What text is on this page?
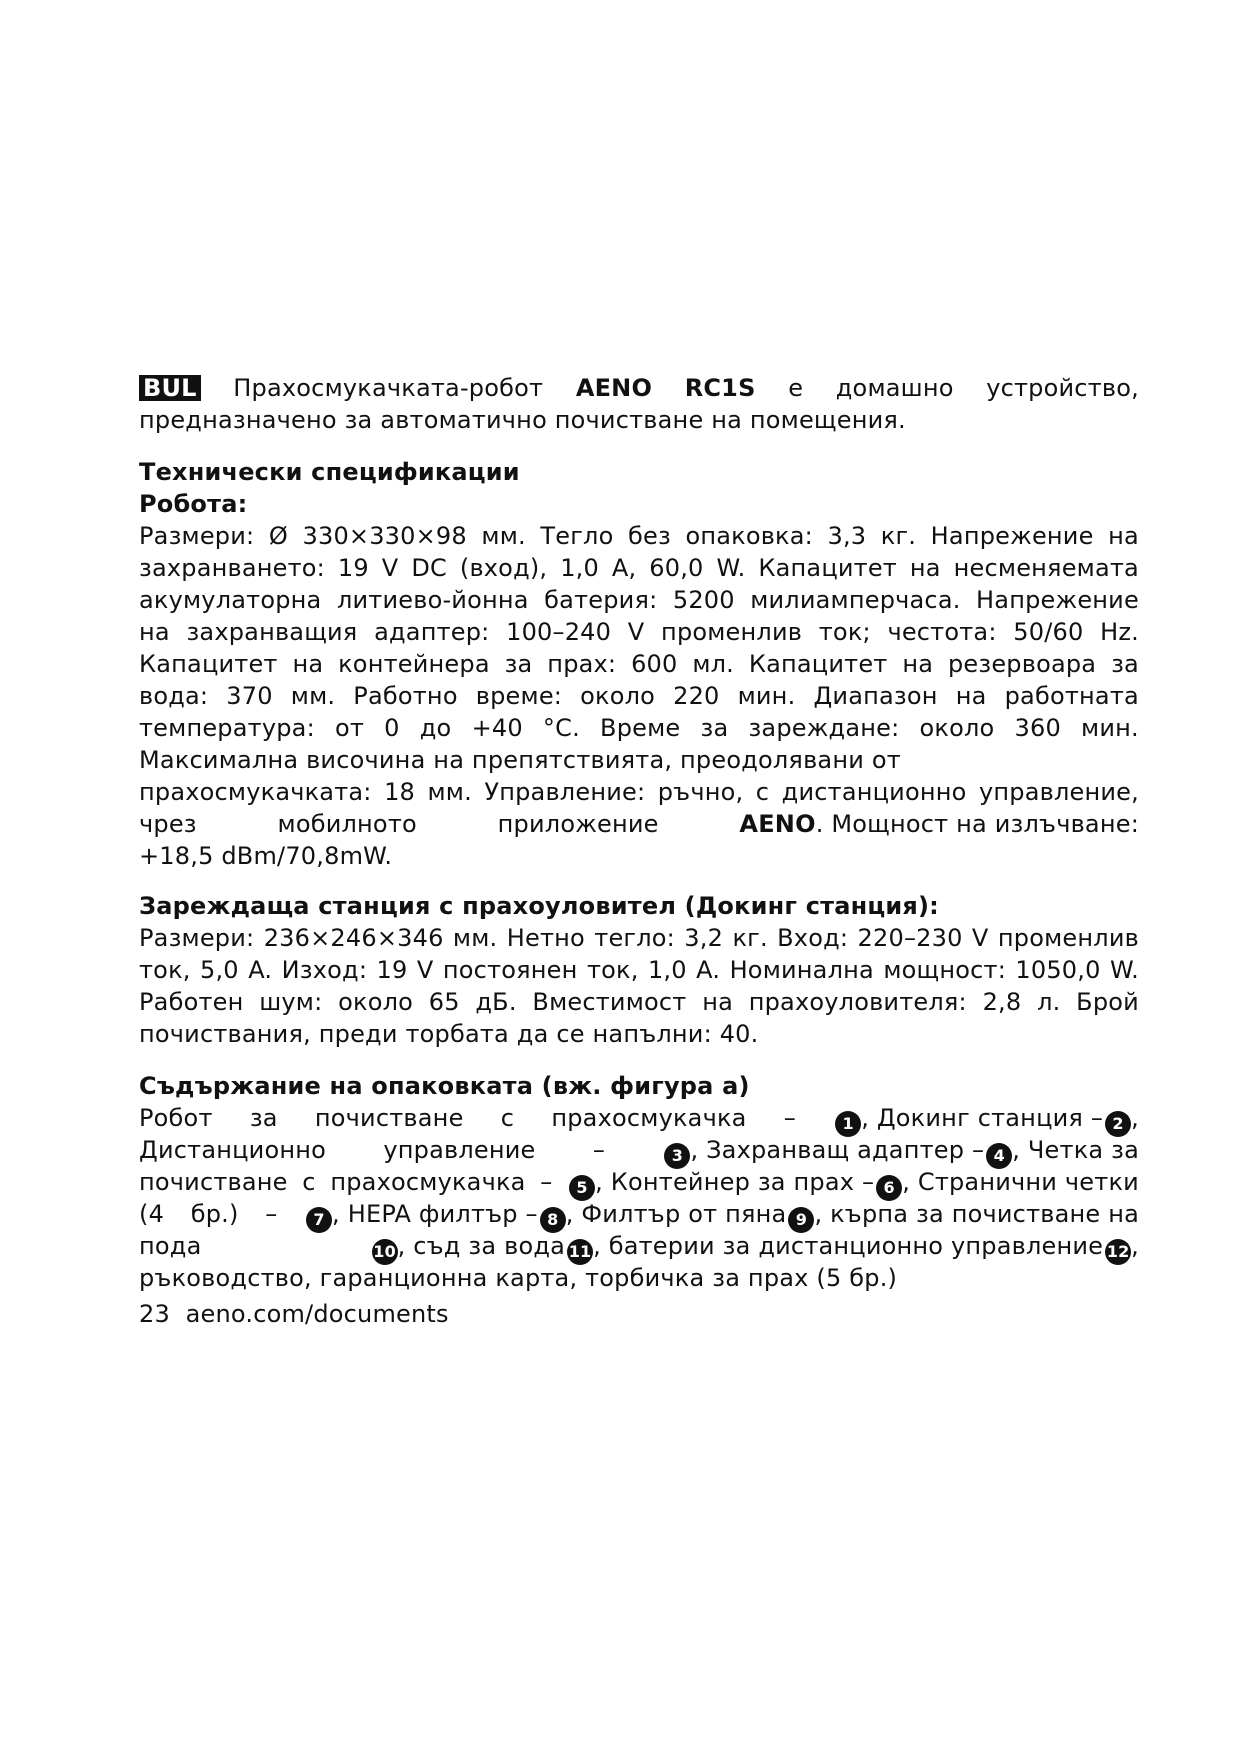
BUL Прахосмукачката-робот AENO RC1S е домашно устройство,
предназначено за автоматично почистване на помещения.
Технически спецификации
Робота:
Размери: Ø 330×330×98 мм. Тегло без опаковка: 3,3 кг. Напрежение на
захранването: 19 V DC (вход), 1,0 A, 60,0 W. Капацитет на несменяемата
акумулаторна литиево-йонна батерия: 5200 милиамперчаса. Напрежение
на захранващия адаптер: 100–240 V променлив ток; честота: 50/60 Hz.
Капацитет на контейнера за прах: 600 мл. Капацитет на резервоара за
вода: 370 мм. Работно време: около 220 мин. Диапазон на работната
температура: от 0 до +40 °C. Време за зареждане: около 360 мин.
Максимална височина на препятствията, преодолявани от
прахосмукачката: 18 мм. Управление: ръчно, с дистанционно управление,
чрез	мобилното	приложение	AENO. Мощност на излъчване:
+18,5 dBm/70,8mW.
Зареждаща станция с прахоуловител (Докинг станция):
Размери: 236×246×346 мм. Нетно тегло: 3,2 кг. Вход: 220–230 V променлив
ток, 5,0 A. Изход: 19 V постоянен ток, 1,0 A. Номинална мощност: 1050,0 W.
Работен шум: около 65 дБ. Вместимост на прахоуловителя: 2,8 л. Брой
почиствания, преди торбата да се напълни: 40.
Съдържание на опаковката (вж. фигура а)
Робот за почистване с прахосмукачка –	1 , Докинг станция – 2 ,
Дистанционно управление –	3 , Захранващ адаптер – 4 , Четка за
почистване с прахосмукачка –	5 , Контейнер за прах – 6 , Странични четки
(4 бр.) –	7 , HEPA филтър – 8 , Филтър от пяна 9 , кърпа за почистване на
пода	10, съд за вода 11, батерии за дистанционно управление 12,
ръководство, гаранционна карта, торбичка за прах (5 бр.)
23 aeno.com/documents
